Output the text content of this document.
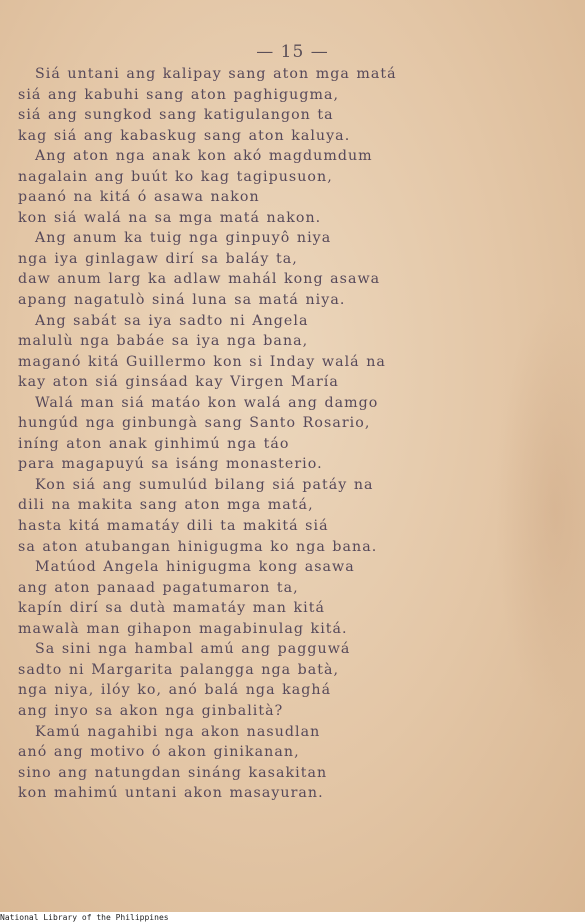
— 15 —
Siá untani ang kalipay sang aton mga matá
siá ang kabuhi sang aton paghigugma,
siá ang sungkod sang katigulangon ta
kag siá ang kabaskug sang aton kaluya.
Ang aton nga anak kon akó magdumdum
nagalain ang buút ko kag tagipusuon,
paanó na kitá ó asawa nakon
kon siá walá na sa mga matá nakon.
Ang anum ka tuig nga ginpuyô niya
nga iya ginlagaw dirí sa baláy ta,
daw anum larg ka adlaw mahál kong asawa
apang nagatulò siná luna sa matá niya.
Ang sabát sa iya sadto ni Angela
malulù nga babáe sa iya nga bana,
maganó kitá Guillermo kon si Inday walá na
kay aton siá ginsáad kay Virgen María
Walá man siá matáo kon walá ang damgo
hungúd nga ginbungà sang Santo Rosario,
iníng aton anak ginhimú nga táo
para magapuyú sa isáng monasterio.
Kon siá ang sumulúd bilang siá patáy na
dili na makita sang aton mga matá,
hasta kitá mamatáy dili ta makitá siá
sa aton atubangan hinigugma ko nga bana.
Matúod Angela hinigugma kong asawa
ang aton panaad pagatumaron ta,
kapín dirí sa dutà mamatáy man kitá
mawalà man gihapon magabinulag kitá.
Sa sini nga hambal amú ang pagguwá
sadto ni Margarita palangga nga batà,
nga niya, ilóy ko, anó balá nga kaghá
ang inyo sa akon nga ginbalità?
Kamú nagahibi nga akon nasudlan
anó ang motivo ó akon ginikanan,
sino ang natungdan sináng kasakitan
kon mahimú untani akon masayuran.
National Library of the Philippines
